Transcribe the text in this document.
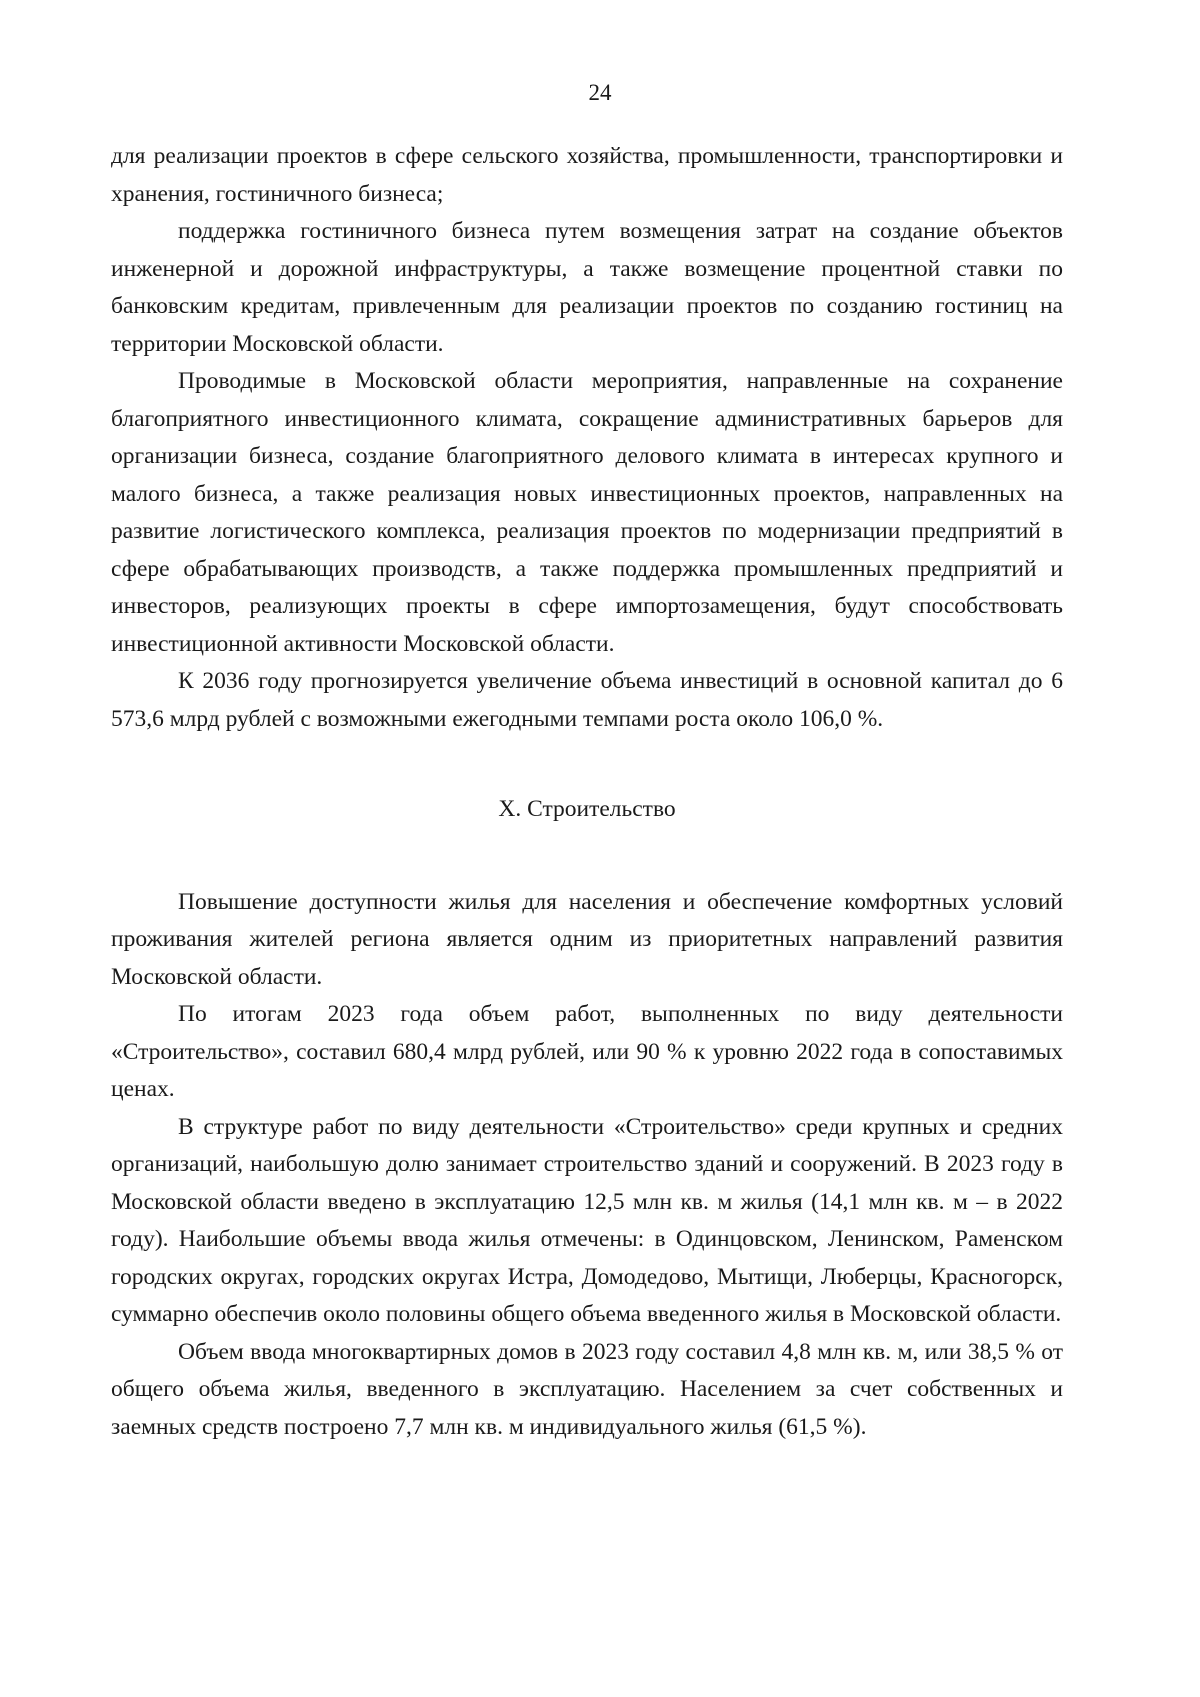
24

для реализации проектов в сфере сельского хозяйства, промышленности, транспортировки и хранения, гостиничного бизнеса;

поддержка гостиничного бизнеса путем возмещения затрат на создание объектов инженерной и дорожной инфраструктуры, а также возмещение процентной ставки по банковским кредитам, привлеченным для реализации проектов по созданию гостиниц на территории Московской области.

Проводимые в Московской области мероприятия, направленные на сохранение благоприятного инвестиционного климата, сокращение административных барьеров для организации бизнеса, создание благоприятного делового климата в интересах крупного и малого бизнеса, а также реализация новых инвестиционных проектов, направленных на развитие логистического комплекса, реализация проектов по модернизации предприятий в сфере обрабатывающих производств, а также поддержка промышленных предприятий и инвесторов, реализующих проекты в сфере импортозамещения, будут способствовать инвестиционной активности Московской области.

К 2036 году прогнозируется увеличение объема инвестиций в основной капитал до 6 573,6 млрд рублей с возможными ежегодными темпами роста около 106,0 %.

X. Строительство

Повышение доступности жилья для населения и обеспечение комфортных условий проживания жителей региона является одним из приоритетных направлений развития Московской области.

По итогам 2023 года объем работ, выполненных по виду деятельности «Строительство», составил 680,4 млрд рублей, или 90 % к уровню 2022 года в сопоставимых ценах.

В структуре работ по виду деятельности «Строительство» среди крупных и средних организаций, наибольшую долю занимает строительство зданий и сооружений. В 2023 году в Московской области введено в эксплуатацию 12,5 млн кв. м жилья (14,1 млн кв. м – в 2022 году). Наибольшие объемы ввода жилья отмечены: в Одинцовском, Ленинском, Раменском городских округах, городских округах Истра, Домодедово, Мытищи, Люберцы, Красногорск, суммарно обеспечив около половины общего объема введенного жилья в Московской области.

Объем ввода многоквартирных домов в 2023 году составил 4,8 млн кв. м, или 38,5 % от общего объема жилья, введенного в эксплуатацию. Населением за счет собственных и заемных средств построено 7,7 млн кв. м индивидуального жилья (61,5 %).
